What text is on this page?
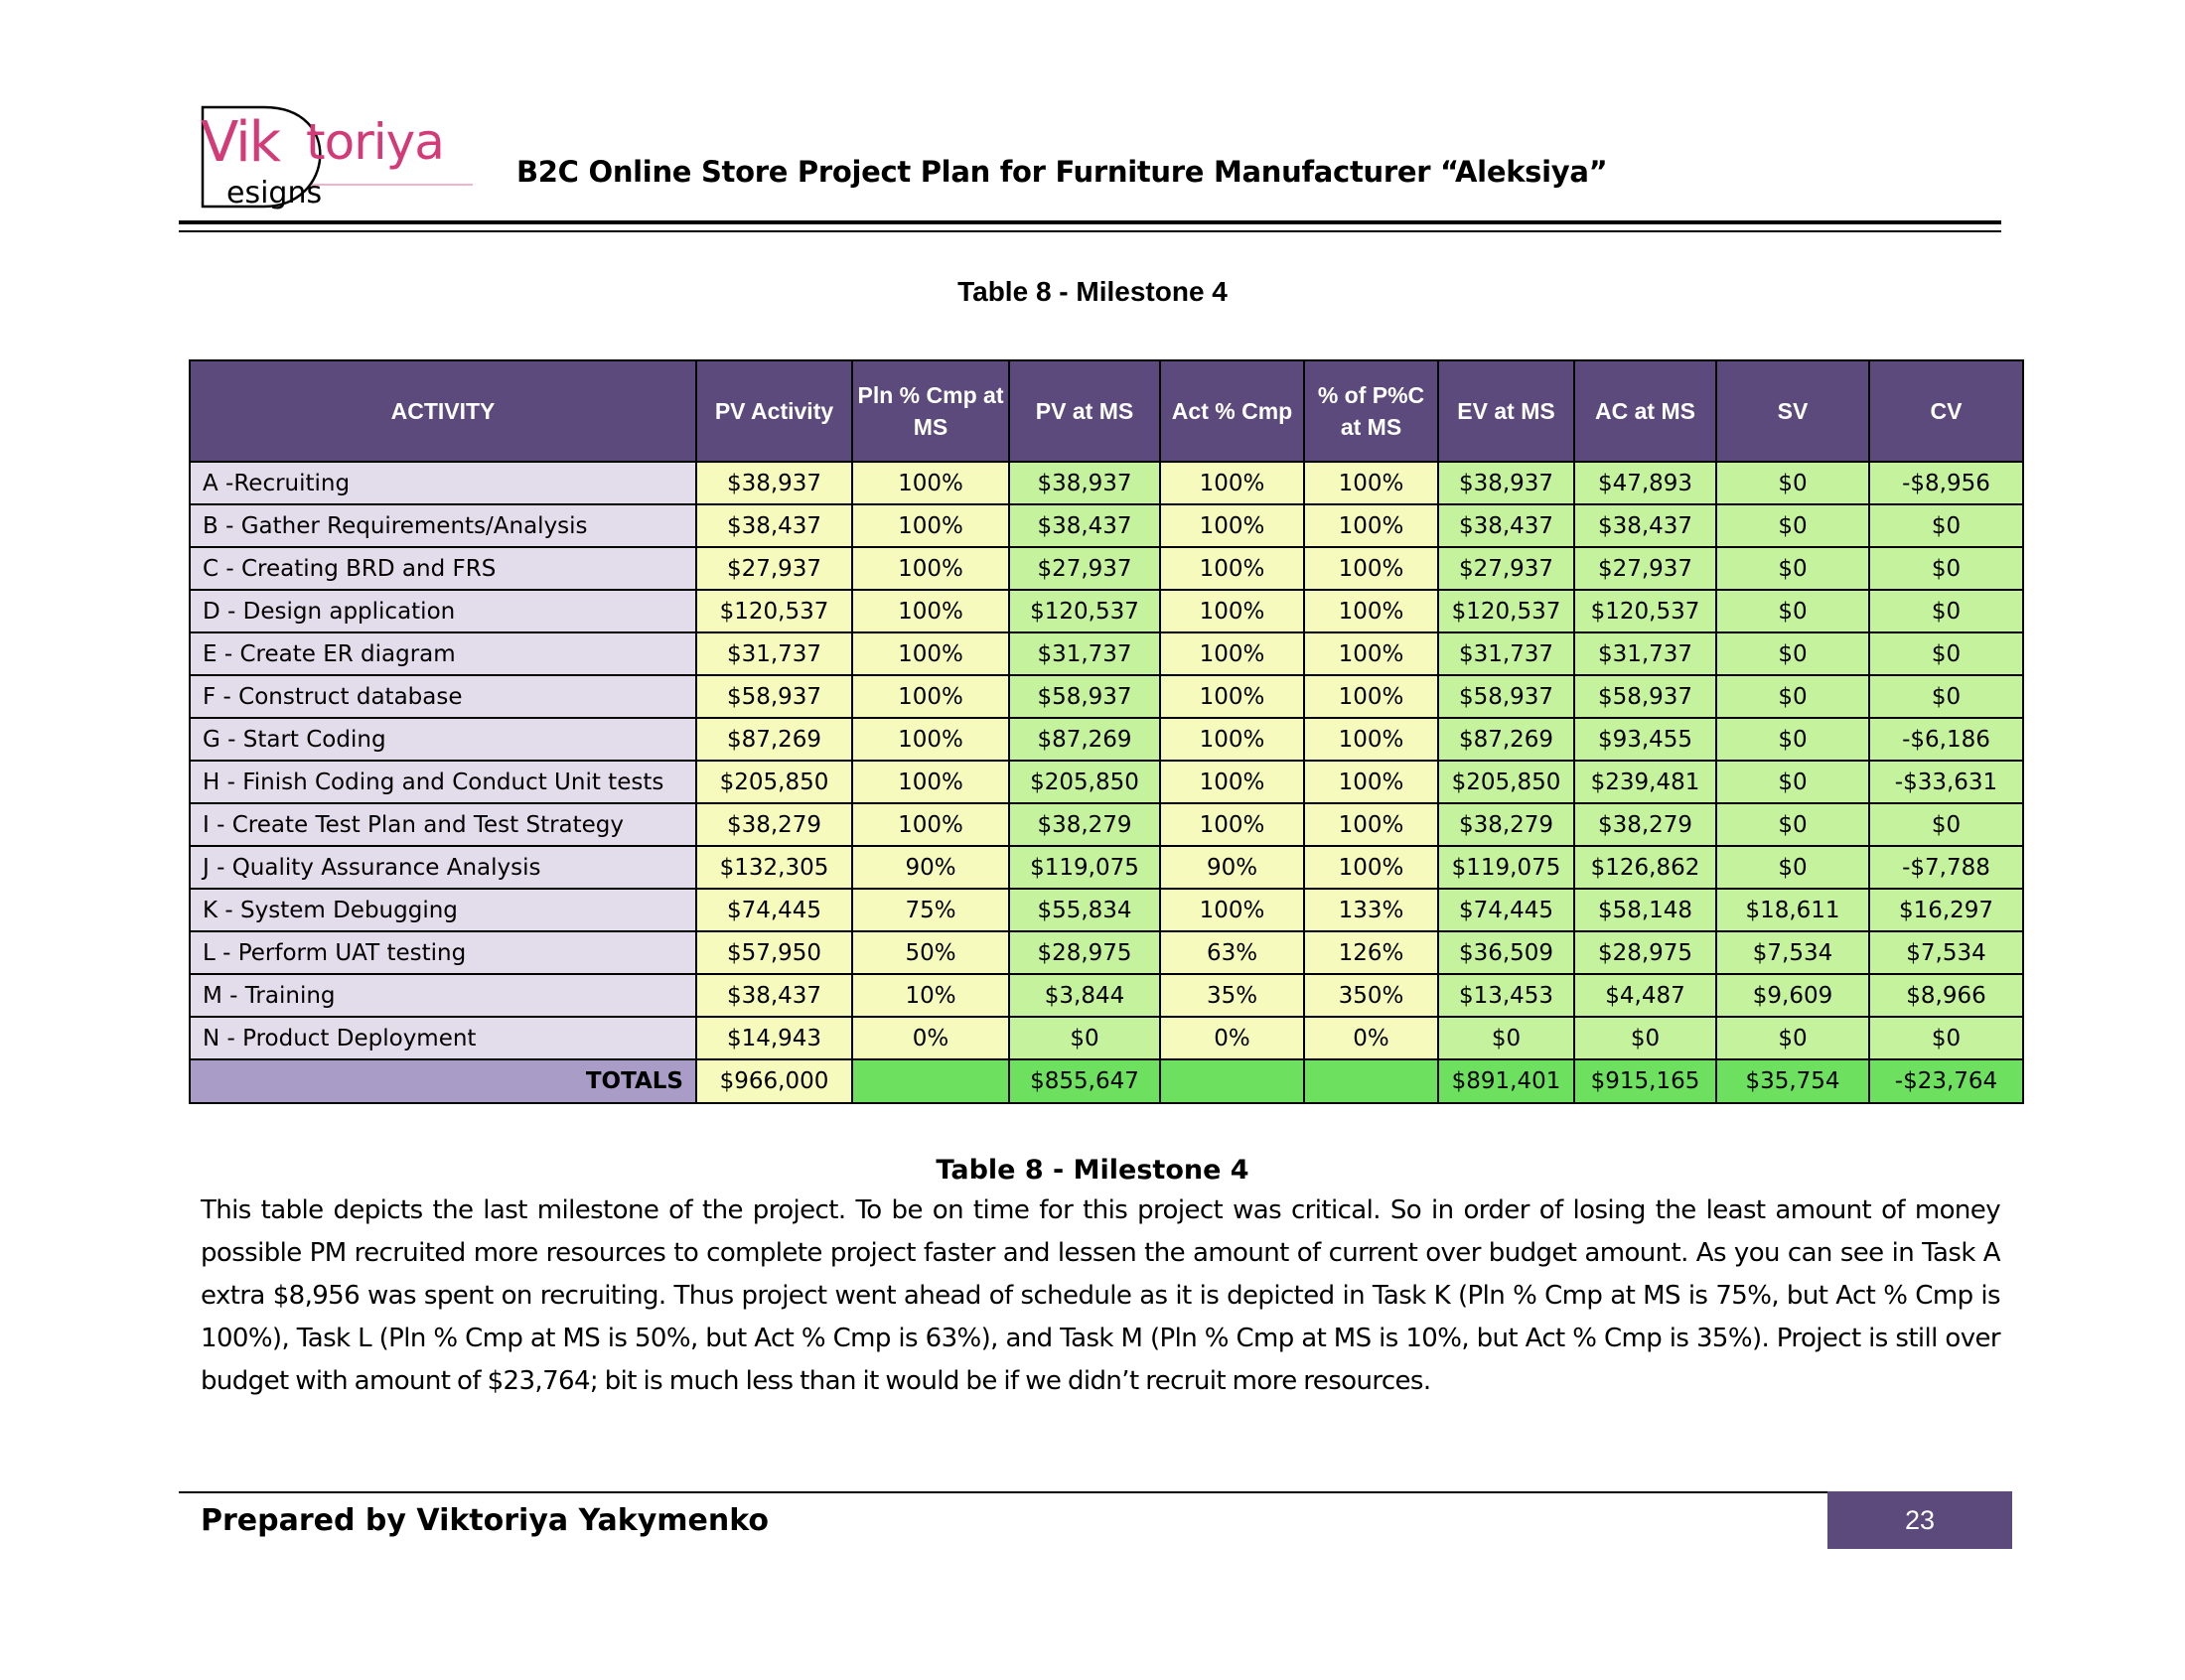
Vik toriya
esigns
B2C Online Store Project Plan for Furniture Manufacturer “Aleksiya”
Table 8 - Milestone 4
ACTIVITY	PV Activity	Pln % Cmp at MS	PV at MS	Act % Cmp	% of P%C at MS	EV at MS	AC at MS	SV	CV
A -Recruiting	$38,937	100%	$38,937	100%	100%	$38,937	$47,893	$0	-$8,956
B - Gather Requirements/Analysis	$38,437	100%	$38,437	100%	100%	$38,437	$38,437	$0	$0
C - Creating BRD and FRS	$27,937	100%	$27,937	100%	100%	$27,937	$27,937	$0	$0
D - Design application	$120,537	100%	$120,537	100%	100%	$120,537	$120,537	$0	$0
E - Create ER diagram	$31,737	100%	$31,737	100%	100%	$31,737	$31,737	$0	$0
F - Construct database	$58,937	100%	$58,937	100%	100%	$58,937	$58,937	$0	$0
G - Start Coding	$87,269	100%	$87,269	100%	100%	$87,269	$93,455	$0	-$6,186
H - Finish Coding and Conduct Unit tests	$205,850	100%	$205,850	100%	100%	$205,850	$239,481	$0	-$33,631
I - Create Test Plan and Test Strategy	$38,279	100%	$38,279	100%	100%	$38,279	$38,279	$0	$0
J - Quality Assurance Analysis	$132,305	90%	$119,075	90%	100%	$119,075	$126,862	$0	-$7,788
K - System Debugging	$74,445	75%	$55,834	100%	133%	$74,445	$58,148	$18,611	$16,297
L - Perform UAT testing	$57,950	50%	$28,975	63%	126%	$36,509	$28,975	$7,534	$7,534
M - Training	$38,437	10%	$3,844	35%	350%	$13,453	$4,487	$9,609	$8,966
N - Product Deployment	$14,943	0%	$0	0%	0%	$0	$0	$0	$0
TOTALS	$966,000		$855,647			$891,401	$915,165	$35,754	-$23,764
Table 8 - Milestone 4
This table depicts the last milestone of the project. To be on time for this project was critical. So in order of losing the least amount of money possible PM recruited more resources to complete project faster and lessen the amount of current over budget amount. As you can see in Task A extra $8,956 was spent on recruiting. Thus project went ahead of schedule as it is depicted in Task K (Pln % Cmp at MS is 75%, but Act % Cmp is 100%), Task L (Pln % Cmp at MS is 50%, but Act % Cmp is 63%), and Task M (Pln % Cmp at MS is 10%, but Act % Cmp is 35%). Project is still over budget with amount of $23,764; bit is much less than it would be if we didn’t recruit more resources.
Prepared by Viktoriya Yakymenko	23
